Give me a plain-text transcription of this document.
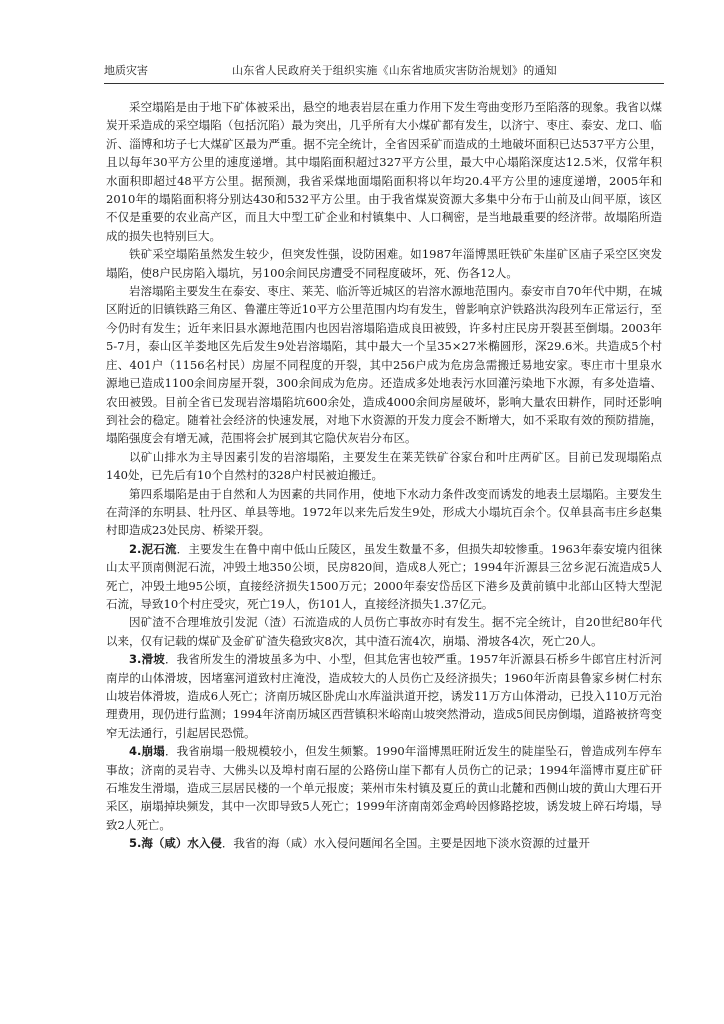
地质灾害	山东省人民政府关于组织实施《山东省地质灾害防治规划》的通知

采空塌陷是由于地下矿体被采出，悬空的地表岩层在重力作用下发生弯曲变形乃至陷落的现象。我省以煤炭开采造成的采空塌陷（包括沉陷）最为突出，几乎所有大小煤矿都有发生，以济宁、枣庄、泰安、龙口、临沂、淄博和坊子七大煤矿区最为严重。据不完全统计，全省因采矿而造成的土地破坏面积已达537平方公里，且以每年30平方公里的速度递增。其中塌陷面积超过327平方公里，最大中心塌陷深度达12.5米，仅常年积水面积即超过48平方公里。据预测，我省采煤地面塌陷面积将以年均20.4平方公里的速度递增，2005年和2010年的塌陷面积将分别达430和532平方公里。由于我省煤炭资源大多集中分布于山前及山间平原，该区不仅是重要的农业高产区，而且大中型工矿企业和村镇集中、人口稠密，是当地最重要的经济带。故塌陷所造成的损失也特别巨大。

铁矿采空塌陷虽然发生较少，但突发性强，设防困难。如1987年淄博黑旺铁矿朱崖矿区庙子采空区突发塌陷，使8户民房陷入塌坑，另100余间民房遭受不同程度破坏，死、伤各12人。

岩溶塌陷主要发生在泰安、枣庄、莱芜、临沂等近城区的岩溶水源地范围内。泰安市自70年代中期，在城区附近的旧镇铁路三角区、鲁灌庄等近10平方公里范围内均有发生，曾影响京沪铁路洪沟段列车正常运行，至今仍时有发生；近年来旧县水源地范围内也因岩溶塌陷造成良田被毁，许多村庄民房开裂甚至倒塌。2003年5-7月，泰山区羊娄地区先后发生9处岩溶塌陷，其中最大一个呈35×27米椭圆形，深29.6米。共造成5个村庄、401户（1156名村民）房屋不同程度的开裂，其中256户成为危房急需搬迁易地安家。枣庄市十里泉水源地已造成1100余间房屋开裂，300余间成为危房。还造成多处地表污水回灌污染地下水源，有多处造墙、农田被毁。目前全省已发现岩溶塌陷坑600余处，造成4000余间房屋破坏，影响大量农田耕作，同时还影响到社会的稳定。随着社会经济的快速发展，对地下水资源的开发力度会不断增大，如不采取有效的预防措施，塌陷强度会有增无减，范围将会扩展到其它隐伏灰岩分布区。

以矿山排水为主导因素引发的岩溶塌陷，主要发生在莱芜铁矿谷家台和叶庄两矿区。目前已发现塌陷点140处，已先后有10个自然村的328户村民被迫搬迁。

第四系塌陷是由于自然和人为因素的共同作用，使地下水动力条件改变而诱发的地表土层塌陷。主要发生在菏泽的东明县、牡丹区、单县等地。1972年以来先后发生9处，形成大小塌坑百余个。仅单县高韦庄乡赵集村即造成23处民房、桥梁开裂。

2.泥石流．主要发生在鲁中南中低山丘陵区，虽发生数量不多，但损失却较惨重。1963年泰安境内徂徕山太平顶南侧泥石流，冲毁土地350公顷，民房820间，造成8人死亡；1994年沂源县三岔乡泥石流造成5人死亡，冲毁土地95公顷，直接经济损失1500万元；2000年泰安岱岳区下港乡及黄前镇中北部山区特大型泥石流，导致10个村庄受灾，死亡19人，伤101人，直接经济损失1.37亿元。

因矿渣不合理堆放引发泥（渣）石流造成的人员伤亡事故亦时有发生。据不完全统计，自20世纪80年代以来，仅有记载的煤矿及金矿矿渣失稳致灾8次，其中渣石流4次，崩塌、滑坡各4次，死亡20人。

3.滑坡．我省所发生的滑坡虽多为中、小型，但其危害也较严重。1957年沂源县石桥乡牛郎官庄村沂河南岸的山体滑坡，因堵塞河道致村庄淹没，造成较大的人员伤亡及经济损失；1960年沂南县鲁家乡树仁村东山坡岩体滑坡，造成6人死亡；济南历城区卧虎山水库溢洪道开挖，诱发11万方山体滑动，已投入110万元治理费用，现仍进行监测；1994年济南历城区西营镇积米峪南山坡突然滑动，造成5间民房倒塌，道路被挤弯变窄无法通行，引起居民恐慌。

4.崩塌．我省崩塌一般规模较小，但发生频繁。1990年淄博黑旺附近发生的陡崖坠石，曾造成列车停车事故；济南的灵岩寺、大佛头以及埠村南石屋的公路傍山崖下都有人员伤亡的记录；1994年淄博市夏庄矿矸石堆发生滑塌，造成三层居民楼的一个单元报废；莱州市朱村镇及夏丘的黄山北麓和西侧山坡的黄山大理石开采区，崩塌掉块频发，其中一次即导致5人死亡；1999年济南南郊金鸡岭因修路挖坡，诱发坡上碎石垮塌，导致2人死亡。

5.海（咸）水入侵．我省的海（咸）水入侵问题闻名全国。主要是因地下淡水资源的过量开
